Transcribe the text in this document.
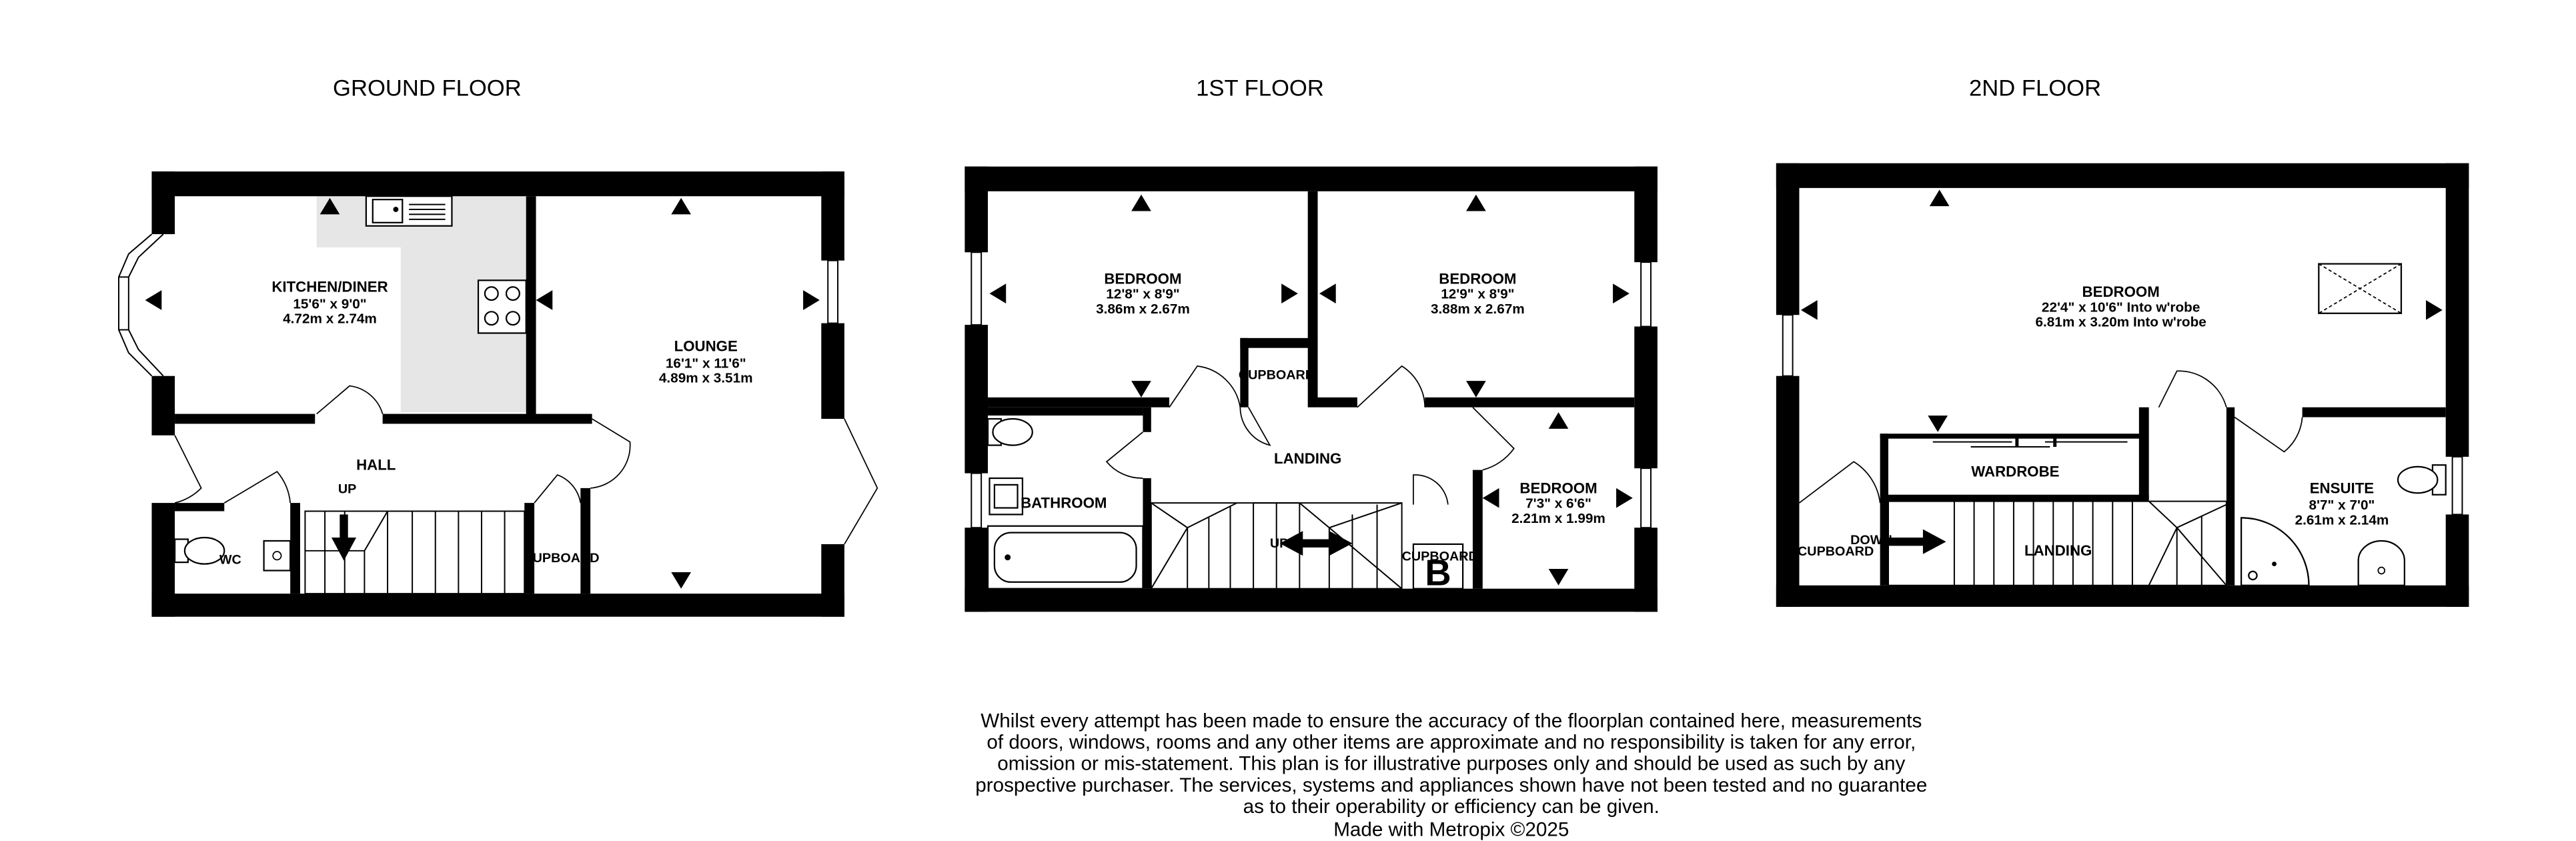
GROUND FLOOR	1ST FLOOR	2ND FLOOR
KITCHEN/DINER
15'6" x 9'0"
4.72m x 2.74m
LOUNGE
16'1" x 11'6"
4.89m x 3.51m
HALL
UP
WC	UPBOARD	B
BEDROOM
12'8" x 8'9"
3.86m x 2.67m
BEDROOM
12'9" x 8'9"
3.88m x 2.67m
BEDROOM
7'3" x 6'6"
2.21m x 1.99m
BATHROOM
LANDING
CUPBOARD
CUPBOARD
UP
BEDROOM
22'4" x 10'6" Into w'robe
6.81m x 3.20m Into w'robe
ENSUITE
8'7" x 7'0"
2.61m x 2.14m
WARDROBE
LANDING
CUPBOARD
DOWN
Whilst every attempt has been made to ensure the accuracy of the floorplan contained here, measurements
of doors, windows, rooms and any other items are approximate and no responsibility is taken for any error,
omission or mis-statement. This plan is for illustrative purposes only and should be used as such by any
prospective purchaser. The services, systems and appliances shown have not been tested and no guarantee
as to their operability or efficiency can be given.
Made with Metropix ©2025
